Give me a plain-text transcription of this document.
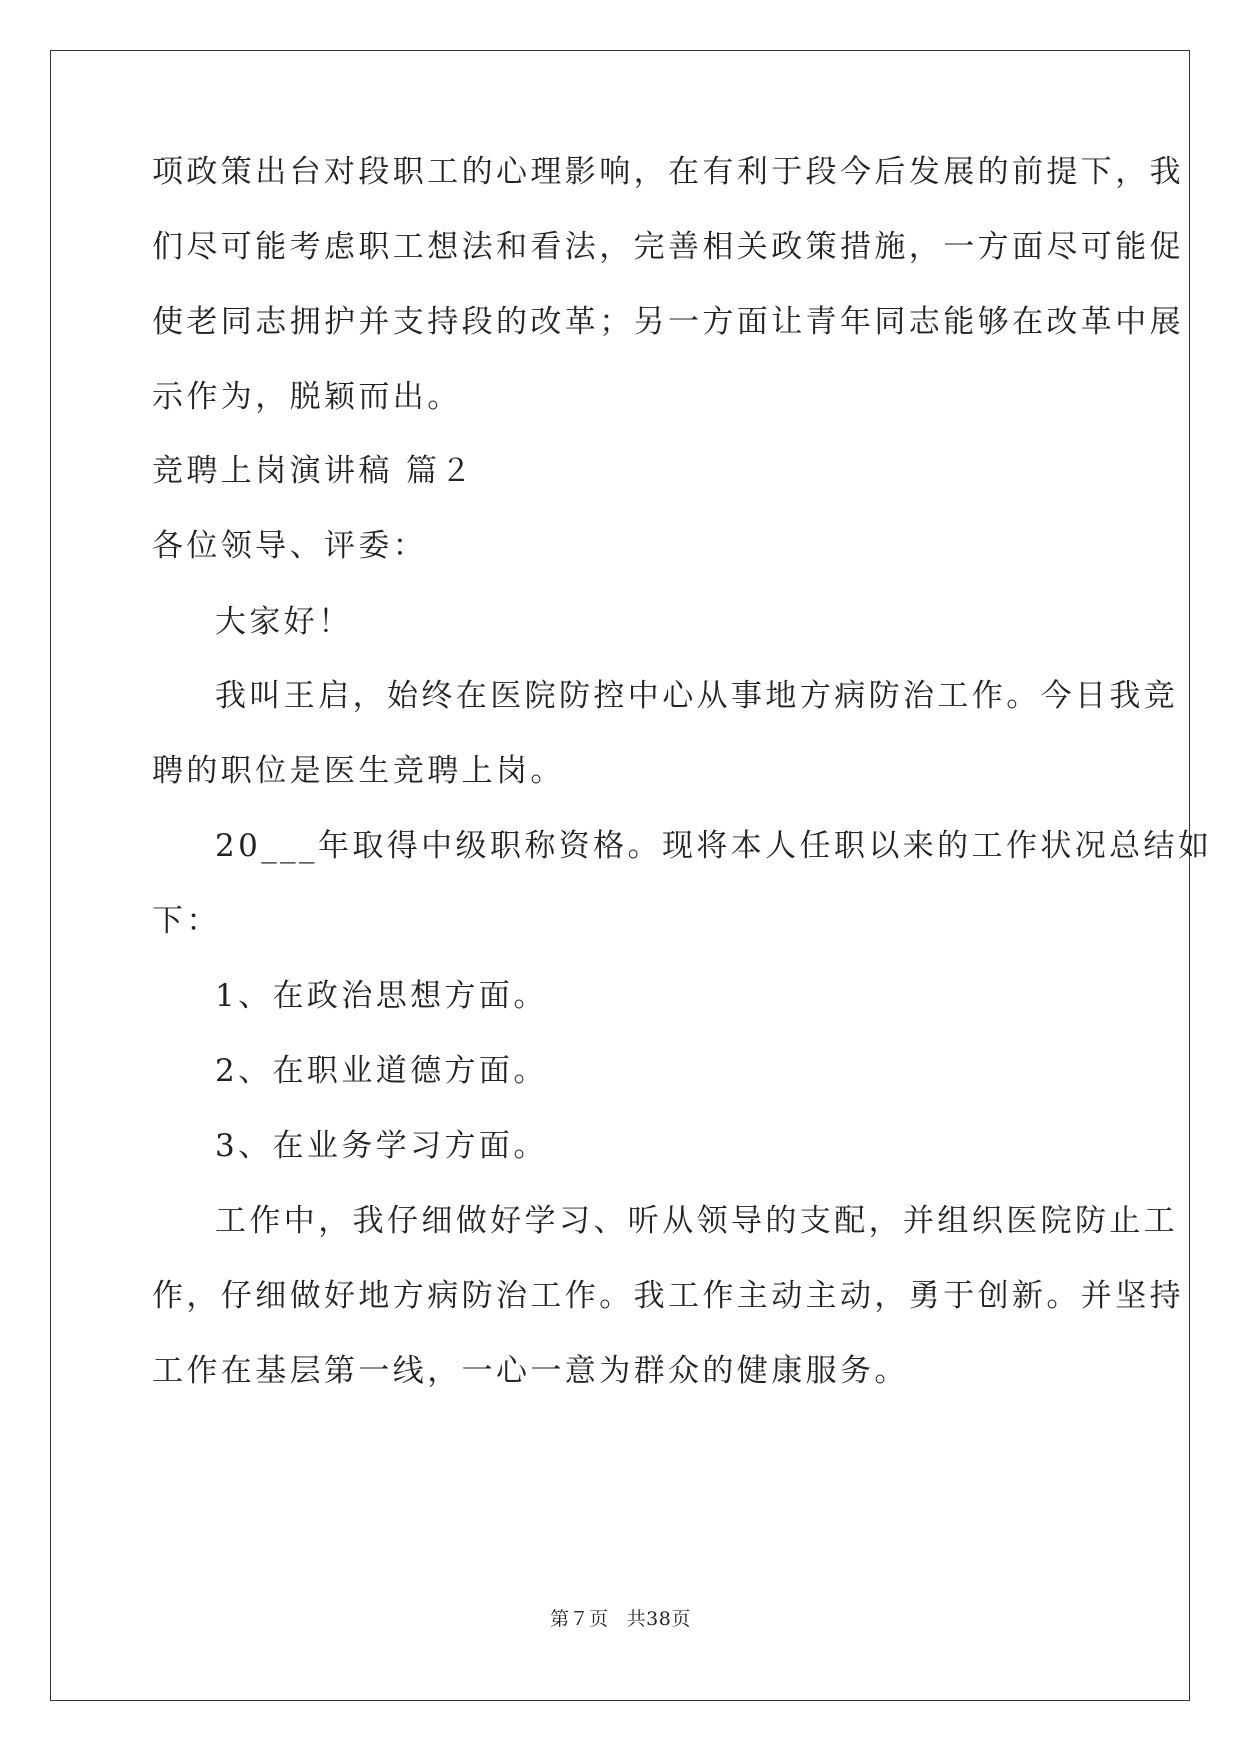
项政策出台对段职工的心理影响，在有利于段今后发展的前提下，我
们尽可能考虑职工想法和看法，完善相关政策措施，一方面尽可能促
使老同志拥护并支持段的改革；另一方面让青年同志能够在改革中展
示作为，脱颖而出。
竞聘上岗演讲稿 篇２
各位领导、评委：
大家好！
我叫王启，始终在医院防控中心从事地方病防治工作。今日我竞
聘的职位是医生竞聘上岗。
20___年取得中级职称资格。现将本人任职以来的工作状况总结如
下：
1、在政治思想方面。
2、在职业道德方面。
3、在业务学习方面。
工作中，我仔细做好学习、听从领导的支配，并组织医院防止工
作，仔细做好地方病防治工作。我工作主动主动，勇于创新。并坚持
工作在基层第一线，一心一意为群众的健康服务。
第７页 共38页
